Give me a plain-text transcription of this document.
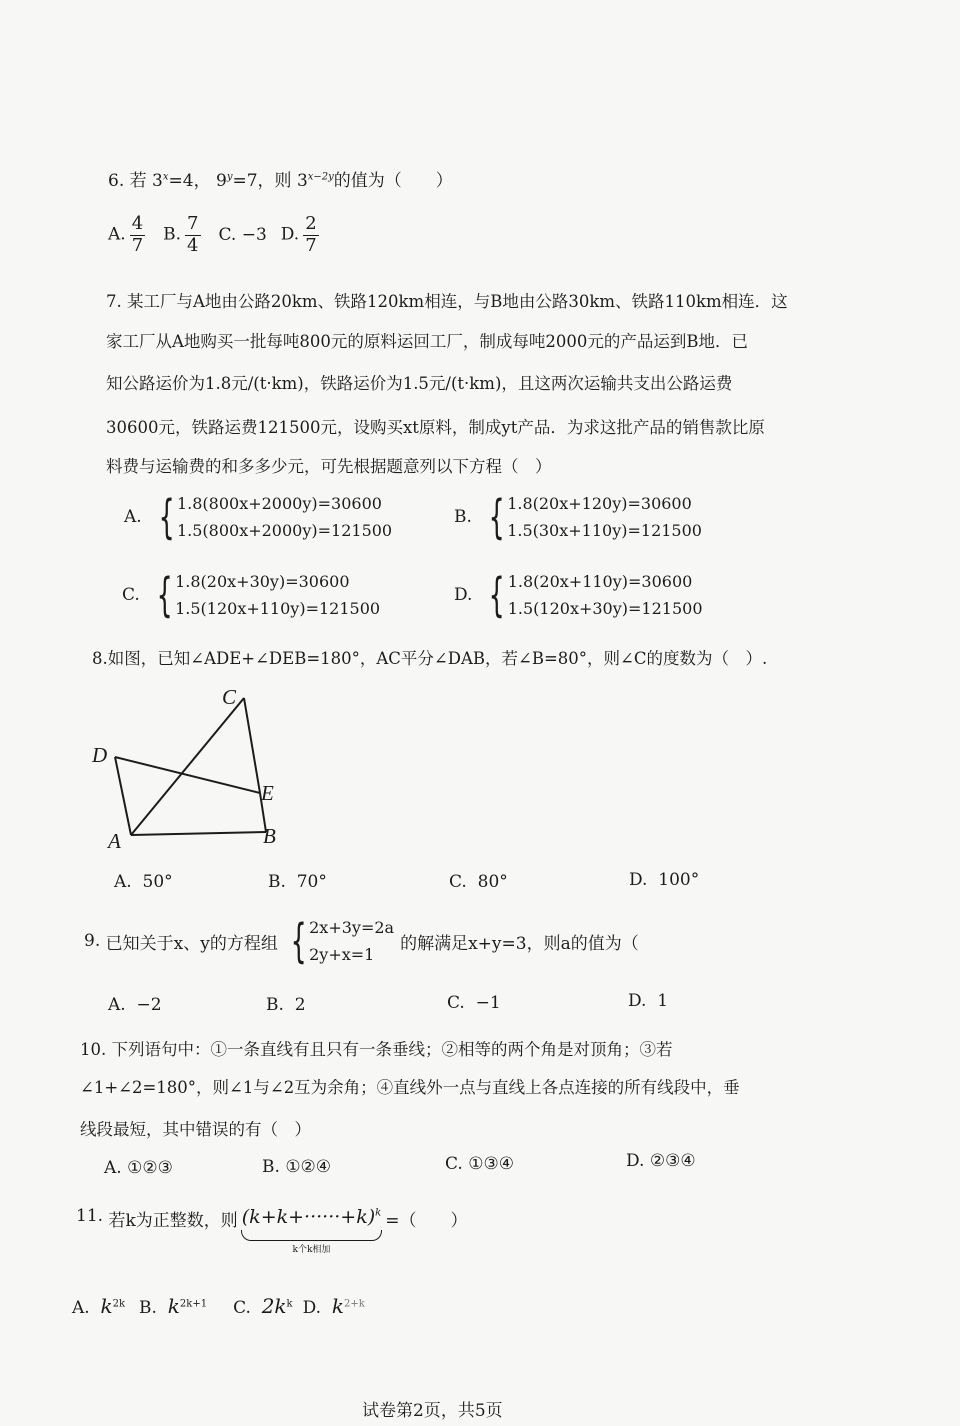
6. 若 $3^x=4$， $9^y=7$，则 $3^{x-2y}$的值为（　　）
A. $\frac{4}{7} B$. $\frac{7}{4} C$. −3 D. $\frac{2}{7}$
7. 某工厂与A地由公路20km、铁路120km相连，与B地由公路30km、铁路110km相连．这
家工厂从A地购买一批每吨800元的原料运回工厂，制成每吨2000元的产品运到B地．已
知公路运价为1.8元/(t·km)，铁路运价为1.5元/(t·km)，且这两次运输共支出公路运费
30600元，铁路运费121500元，设购买xt原料，制成yt产品．为求这批产品的销售款比原
料费与运输费的和多多少元，可先根据题意列以下方程（　）
A. { 1.8(800x+2000y)=30600
1.5(800x+2000y)=121500
B. { 1.8(20x+120y)=30600
1.5(30x+110y)=121500
C. { 1.8(20x+30y)=30600
1.5(120x+110y)=121500
D. { 1.8(20x+110y)=30600
1.5(120x+30y)=121500
8.如图，已知∠ADE+∠DEB=180°，AC平分∠DAB，若∠B=80°，则∠C的度数为（　）.
C
D
E
A	B
A. 50°	B. 70°	C. 80°	D. 100°
9.
已知关于x、y的方程组 { 2x+3y=2a
2y+x=1
的解满足x+y=3，则a的值为（
A. −2	B. 2	C. −1	D. 1
10. 下列语句中：①一条直线有且只有一条垂线；②相等的两个角是对顶角；③若
∠1+∠2=180°，则∠1与∠2互为余角；④直线外一点与直线上各点连接的所有线段中，垂
线段最短，其中错误的有（　）
A. ①②③	B. ①②④	C. ①③④	D. ②③④
11.
若k为正整数，则 $(k+k+\cdot\cdot\cdot\cdot\cdot\cdot+k)^k$
k个k相加
=（　　）
A. $k^{2k}$ B. $k^{2k+1}$ C. $2k^k$ D. $k^{2+k}$
试卷第2页，共5页
